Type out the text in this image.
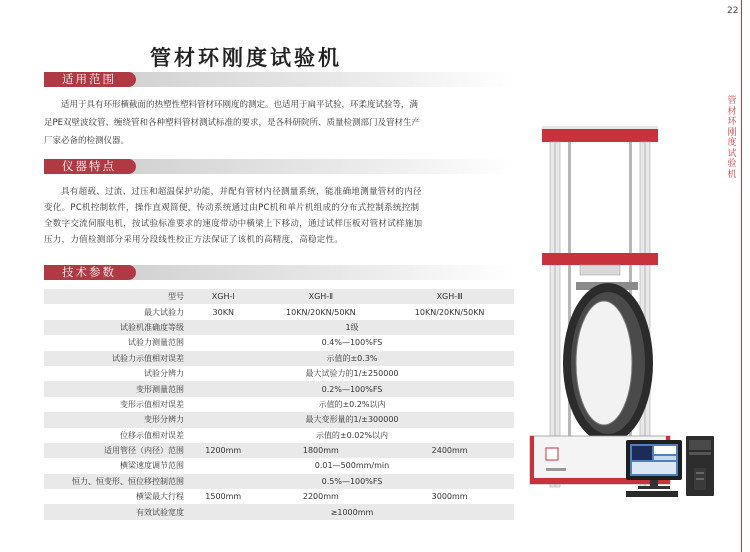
22
管材环刚度试验机
管材环刚度试验机
适用范围
适用于具有环形横截面的热塑性塑料管材环刚度的测定。也适用于扁平试验，环柔度试验等，满足PE双壁波纹管、缠绕管和各种塑料管材测试标准的要求，是各科研院所、质量检测部门及管材生产厂家必备的检测仪器。
仪器特点
具有超载、过流、过压和超温保护功能，并配有管材内径测量系统，能准确地测量管材的内径变化。PC机控制软件，操作直观简便，传动系统通过由PC机和单片机组成的分布式控制系统控制全数字交流伺服电机，按试验标准要求的速度带动中横梁上下移动，通过试样压板对管材试样施加压力，力值检测部分采用分段线性校正方法保证了该机的高精度，高稳定性。
技术参数
型号	XGH-Ⅰ	XGH-Ⅱ	XGH-Ⅲ
最大试验力	30KN	10KN/20KN/50KN	10KN/20KN/50KN
试验机准确度等级	1级		
试验力测量范围	0.4%—100%FS		
试验力示值相对误差	示值的±0.3%		
试验分辨力	最大试验力的1/±250000		
变形测量范围	0.2%—100%FS		
变形示值相对误差	示值的±0.2%以内		
变形分辨力	最大变形量的1/±300000		
位移示值相对误差	示值的±0.02%以内		
适用管径（内径）范围	1200mm	1800mm	2400mm
横梁速度调节范围	0.01—500mm/min		
恒力、恒变形、恒位移控制范围	0.5%—100%FS		
横梁最大行程	1500mm	2200mm	3000mm
有效试验宽度	≥1000mm		
